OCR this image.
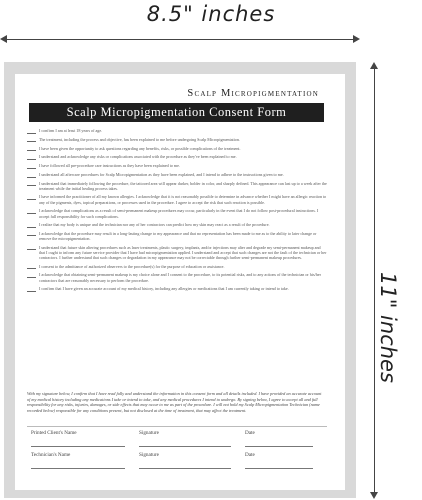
8.5" inches
11" inches
Scalp Micropigmentation
Scalp Micropigmentation Consent Form
I confirm I am at least 18 years of age.
The treatment, including the process and objective, has been explained to me before undergoing Scalp Micropigmentation.
I have been given the opportunity to ask questions regarding any benefits, risks, or possible complications of the treatment.
I understand and acknowledge any risks or complications associated with the procedure as they've been explained to me.
I have followed all pre-procedure care instructions as they have been explained to me.
I understand all aftercare procedures for Scalp Micropigmentation as they have been explained, and I intend to adhere to the instructions given to me.
I understand that immediately following the procedure, the tattooed area will appear darker, bolder in color, and sharply defined. This appearance can last up to a week after the treatment while the initial healing process takes.
I have informed the practitioner of all my known allergies. I acknowledge that it is not reasonably possible to determine in advance whether I might have an allergic reaction to any of the pigments, dyes, topical preparations, or processes used in the procedure. I agree to accept the risk that such reaction is possible.
I acknowledge that complications as a result of semi-permanent makeup procedures may occur, particularly in the event that I do not follow post-procedural instructions. I accept full responsibility for such complications.
I realize that my body is unique and the technician nor any of her contractors can predict how my skin may react as a result of the procedure.
I acknowledge that the procedure may result in a long-lasting change to my appearance and that no representation has been made to me as to the ability to later change or remove the micropigmentation.
I understand that future skin altering procedures such as laser treatments, plastic surgery, implants, and/or injections may alter and degrade my semi-permanent makeup and that I ought to inform any future service provider that I have had micropigmentation applied. I understand and accept that such changes are not the fault of the technician or her contractors. I further understand that such changes or degradation in my appearance may not be correctable through further semi-permanent makeup procedures.
I consent to the admittance of authorized observers to the procedure(s) for the purpose of education or assistance.
I acknowledge that obtaining semi-permanent makeup is my choice alone and I consent to the procedure, to its potential risks, and to any actions of the technician or his/her contractors that are reasonably necessary to perform the procedure.
I confirm that I have given an accurate account of my medical history, including any allergies or medications that I am currently taking or intend to take.
With my signature below, I confirm that I have read fully and understand the information in this consent form and all details included. I have provided an accurate account of my medical history including any medications I take or intend to take, and any medical procedures I intend to undergo. By signing below, I agree to accept all and full responsibility for any risks, injuries, damages, or side effects that may occur to me as part of the procedure. I will not hold my Scalp Micropigmentation Technician (name recorded below) responsible for any conditions present, but not disclosed at the time of treatment, that may affect the treatment.
Printed Client's Name	Signature	Date
Technician's Name	Signature	Date
